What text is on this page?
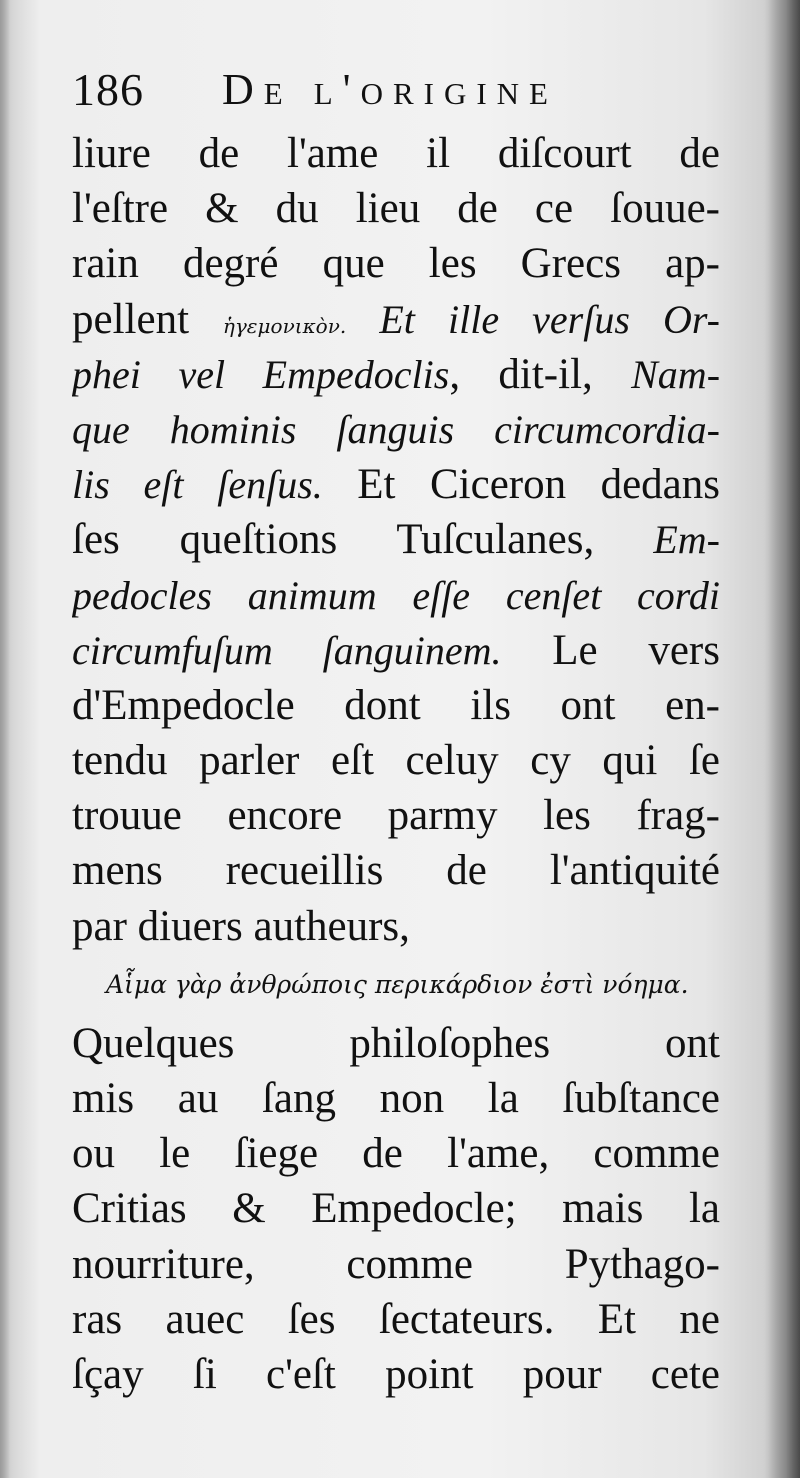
186 De l'origine
liure de l'ame il diſcourt de
l'eſtre & du lieu de ce ſouue-
rain degré que les Grecs ap-
pellent ἡγεμονικὸν. Et ille verſus Or-
phei vel Empedoclis, dit-il, Nam-
que hominis ſanguis circumcordia-
lis eſt ſenſus. Et Ciceron dedans
ſes queſtions Tuſculanes, Em-
pedocles animum eſſe cenſet cordi
circumfuſum ſanguinem. Le vers
d'Empedocle dont ils ont en-
tendu parler eſt celuy cy qui ſe
trouue encore parmy les frag-
mens recueillis de l'antiquité
par diuers autheurs,
Αἷμα γὰρ ἀνθρώποις περικάρδιον ἐστὶ νόημα.
Quelques philoſophes ont
mis au ſang non la ſubſtance
ou le ſiege de l'ame, comme
Critias & Empedocle; mais la
nourriture, comme Pythago-
ras auec ſes ſectateurs. Et ne
ſçay ſi c'eſt point pour cete
